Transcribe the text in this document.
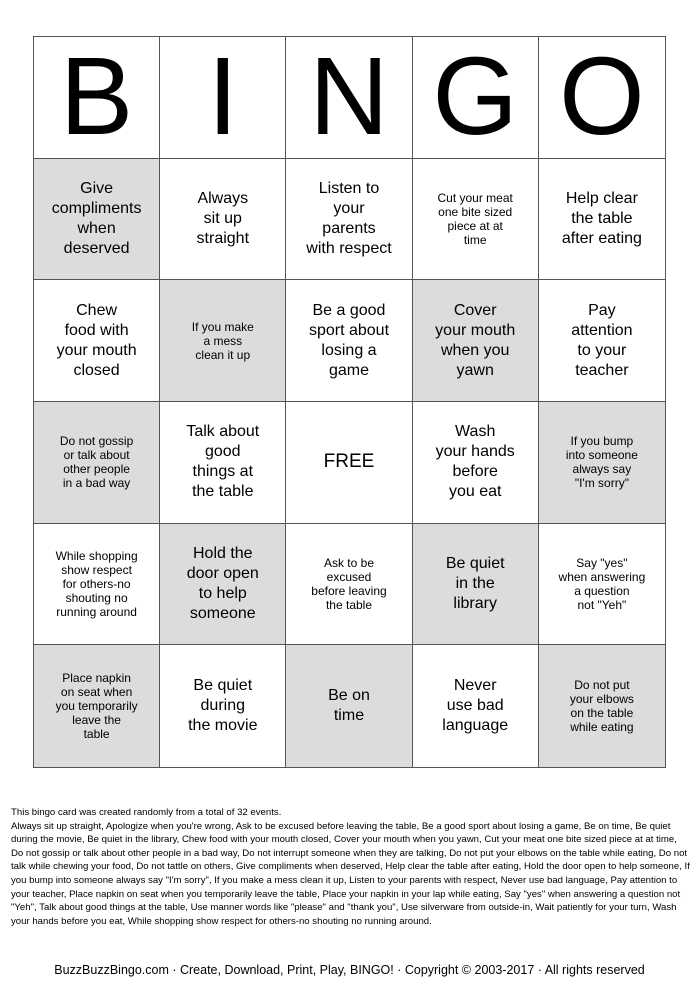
B I N G O
Give
compliments
when
deserved
Always
sit up
straight
Listen to
your
parents
with respect
Cut your meat
one bite sized
piece at at
time
Help clear
the table
after eating
Chew
food with
your mouth
closed
If you make
a mess
clean it up
Be a good
sport about
losing a
game
Cover
your mouth
when you
yawn
Pay
attention
to your
teacher
Do not gossip
or talk about
other people
in a bad way
Talk about
good
things at
the table
FREE
Wash
your hands
before
you eat
If you bump
into someone
always say
"I'm sorry"
While shopping
show respect
for others-no
shouting no
running around
Hold the
door open
to help
someone
Ask to be
excused
before leaving
the table
Be quiet
in the
library
Say "yes"
when answering
a question
not "Yeh"
Place napkin
on seat when
you temporarily
leave the
table
Be quiet
during
the movie
Be on
time
Never
use bad
language
Do not put
your elbows
on the table
while eating

This bingo card was created randomly from a total of 32 events.

Always sit up straight, Apologize when you're wrong, Ask to be excused before leaving the table, Be a good sport about losing a game, Be on time, Be quiet during the movie, Be quiet in the library, Chew food with your mouth closed, Cover your mouth when you yawn, Cut your meat one bite sized piece at at time, Do not gossip or talk about other people in a bad way, Do not interrupt someone when they are talking, Do not put your elbows on the table while eating, Do not talk while chewing your food, Do not tattle on others, Give compliments when deserved, Help clear the table after eating, Hold the door open to help someone, If you bump into someone always say "I'm sorry", If you make a mess clean it up, Listen to your parents with respect, Never use bad language, Pay attention to your teacher, Place napkin on seat when you temporarily leave the table, Place your napkin in your lap while eating, Say "yes" when answering a question not "Yeh", Talk about good things at the table, Use manner words like "please" and "thank you", Use silverware from outside-in, Wait patiently for your turn, Wash your hands before you eat, While shopping show respect for others-no shouting no running around.

BuzzBuzzBingo.com · Create, Download, Print, Play, BINGO! · Copyright © 2003-2017 · All rights reserved
